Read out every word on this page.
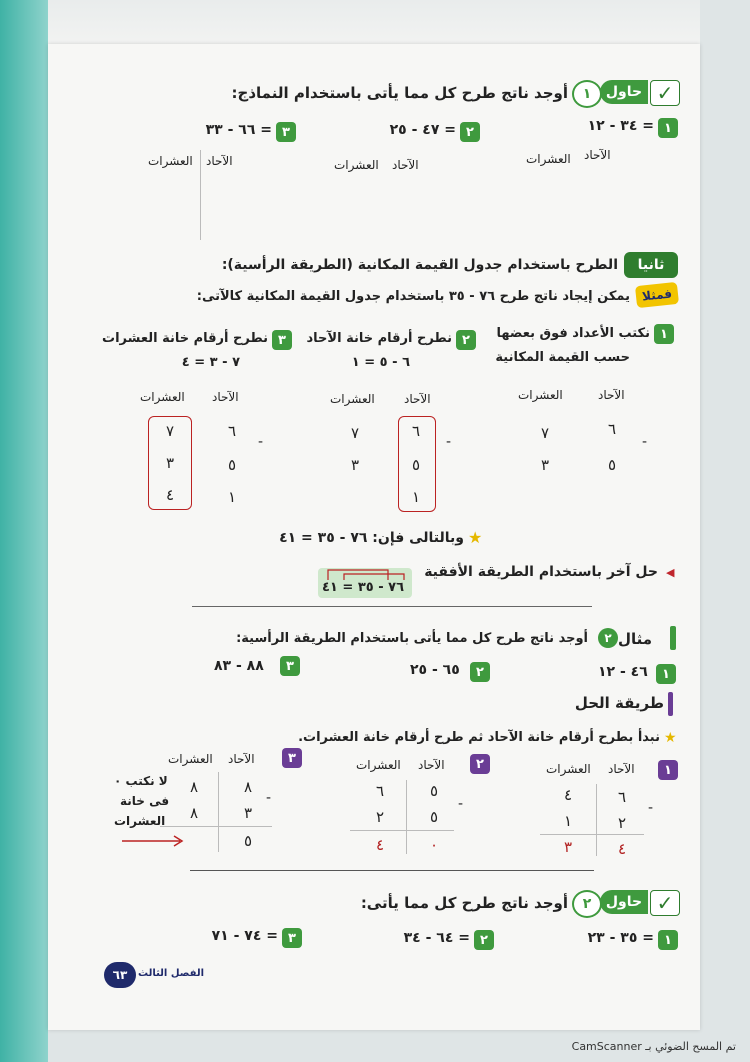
✓
حاول
١
أوجد ناتج طرح كل مما يأتى باستخدام النماذج:
١
٣٤ - ١٢ =
٢
٤٧ - ٢٥ =
٣
٦٦ - ٣٣ =
الآحاد
العشرات
الآحاد
العشرات
الآحاد
العشرات
ثانيا
الطرح باستخدام جدول القيمة المكانية (الطريقة الرأسية):
فمثلا
يمكن إيجاد ناتج طرح ٧٦ - ٣٥ باستخدام جدول القيمة المكانية كالآتى:
١
نكتب الأعداد فوق بعضها
حسب القيمة المكانية
٢
نطرح أرقام خانة الآحاد
٦ - ٥ = ١
٣
نطرح أرقام خانة العشرات
٧ - ٣ = ٤
الآحاد
العشرات
٦
٧
٥
٣
-
الآحاد
العشرات
٦
٧
٥
٣
١
-
الآحاد
العشرات
٦
٧
٥
٣
١
٤
-
★
وبالتالى فإن: ٧٦ - ٣٥ = ٤١
◀
حل آخر باستخدام الطريقة الأفقية
٧٦ - ٣٥ = ٤١
مثال
٢
أوجد ناتج طرح كل مما يأتى باستخدام الطريقة الرأسية:
١
٤٦ - ١٢
٢
٦٥ - ٢٥
٣
٨٨ - ٨٣
طريقة الحل
★
نبدأ بطرح أرقام خانة الآحاد ثم طرح أرقام خانة العشرات.
١
الآحاد
العشرات
٦
٤
٢
١
٤
٣
-
٢
الآحاد
العشرات
٥
٦
٥
٢
٠
٤
-
٣
الآحاد
العشرات
٨
٨
٣
٨
٥
-
لا نكتب ٠
فى خانة
العشرات
✓
حاول
٢
أوجد ناتج طرح كل مما يأتى:
١
٣٥ - ٢٣ =
٢
٦٤ - ٣٤ =
٣
٧٤ - ٧١ =
٦٣	الفصل الثالث
تم المسح الضوئي بـ CamScanner
